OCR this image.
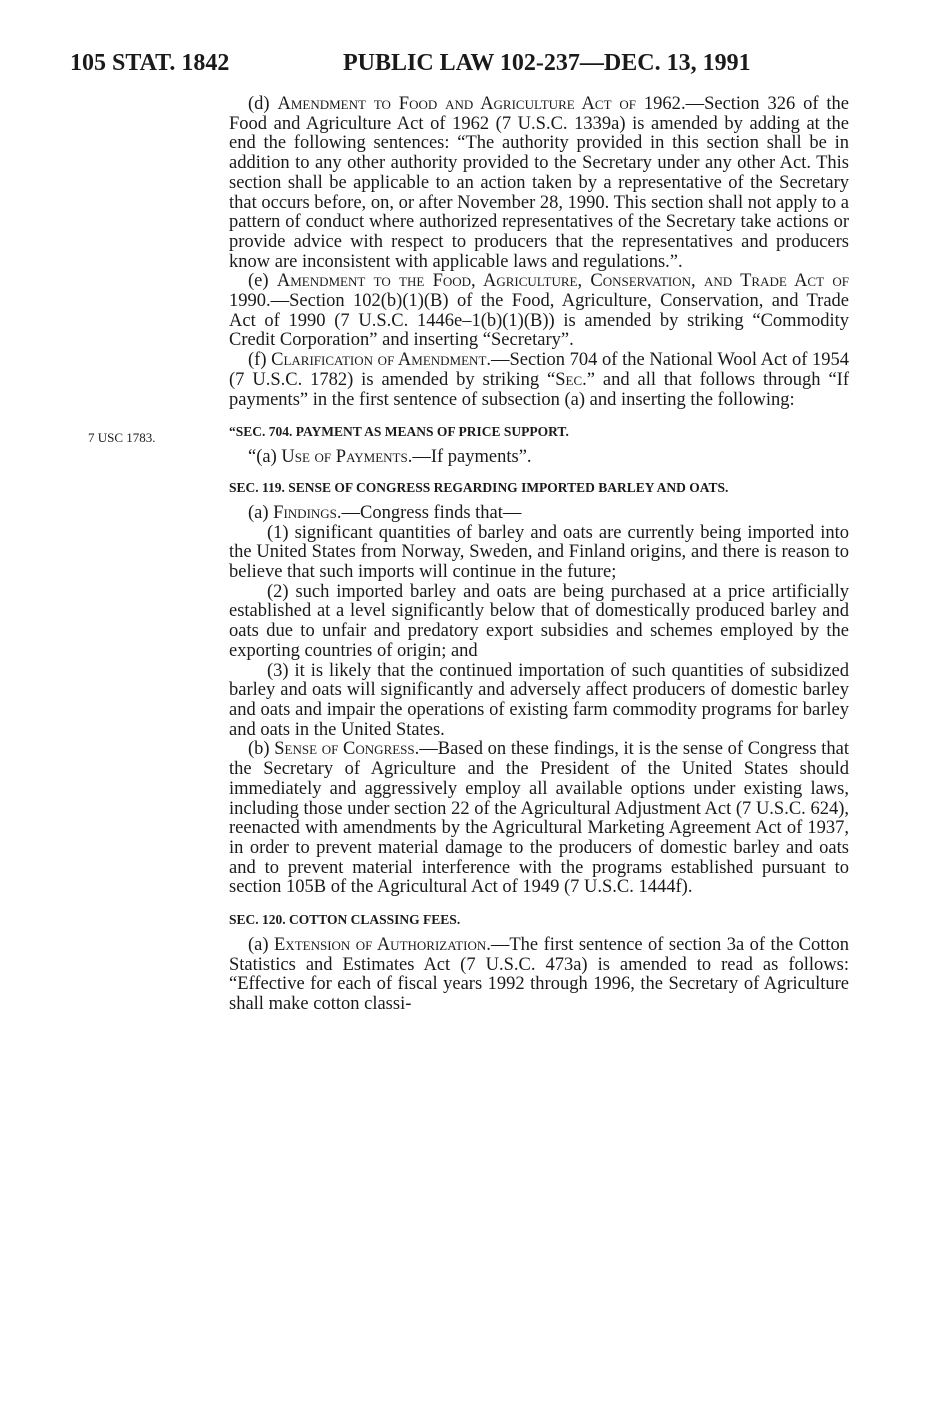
105 STAT. 1842	PUBLIC LAW 102-237—DEC. 13, 1991
7 USC 1783.

(d) Amendment to Food and Agriculture Act of 1962.—Section 326 of the Food and Agriculture Act of 1962 (7 U.S.C. 1339a) is amended by adding at the end the following sentences: “The authority provided in this section shall be in addition to any other authority provided to the Secretary under any other Act. This section shall be applicable to an action taken by a representative of the Secretary that occurs before, on, or after November 28, 1990. This section shall not apply to a pattern of conduct where authorized representatives of the Secretary take actions or provide advice with respect to producers that the representatives and producers know are inconsistent with applicable laws and regulations.”.

(e) Amendment to the Food, Agriculture, Conservation, and Trade Act of 1990.—Section 102(b)(1)(B) of the Food, Agriculture, Conservation, and Trade Act of 1990 (7 U.S.C. 1446e–1(b)(1)(B)) is amended by striking “Commodity Credit Corporation” and inserting “Secretary”.

(f) Clarification of Amendment.—Section 704 of the National Wool Act of 1954 (7 U.S.C. 1782) is amended by striking “Sec.” and all that follows through “If payments” in the first sentence of subsection (a) and inserting the following:

“SEC. 704. PAYMENT AS MEANS OF PRICE SUPPORT.

“(a) Use of Payments.—If payments”.

SEC. 119. SENSE OF CONGRESS REGARDING IMPORTED BARLEY AND OATS.

(a) Findings.—Congress finds that—

(1) significant quantities of barley and oats are currently being imported into the United States from Norway, Sweden, and Finland origins, and there is reason to believe that such imports will continue in the future;

(2) such imported barley and oats are being purchased at a price artificially established at a level significantly below that of domestically produced barley and oats due to unfair and predatory export subsidies and schemes employed by the exporting countries of origin; and

(3) it is likely that the continued importation of such quantities of subsidized barley and oats will significantly and adversely affect producers of domestic barley and oats and impair the operations of existing farm commodity programs for barley and oats in the United States.

(b) Sense of Congress.—Based on these findings, it is the sense of Congress that the Secretary of Agriculture and the President of the United States should immediately and aggressively employ all available options under existing laws, including those under section 22 of the Agricultural Adjustment Act (7 U.S.C. 624), reenacted with amendments by the Agricultural Marketing Agreement Act of 1937, in order to prevent material damage to the producers of domestic barley and oats and to prevent material interference with the programs established pursuant to section 105B of the Agricultural Act of 1949 (7 U.S.C. 1444f).

SEC. 120. COTTON CLASSING FEES.

(a) Extension of Authorization.—The first sentence of section 3a of the Cotton Statistics and Estimates Act (7 U.S.C. 473a) is amended to read as follows: “Effective for each of fiscal years 1992 through 1996, the Secretary of Agriculture shall make cotton classi-
